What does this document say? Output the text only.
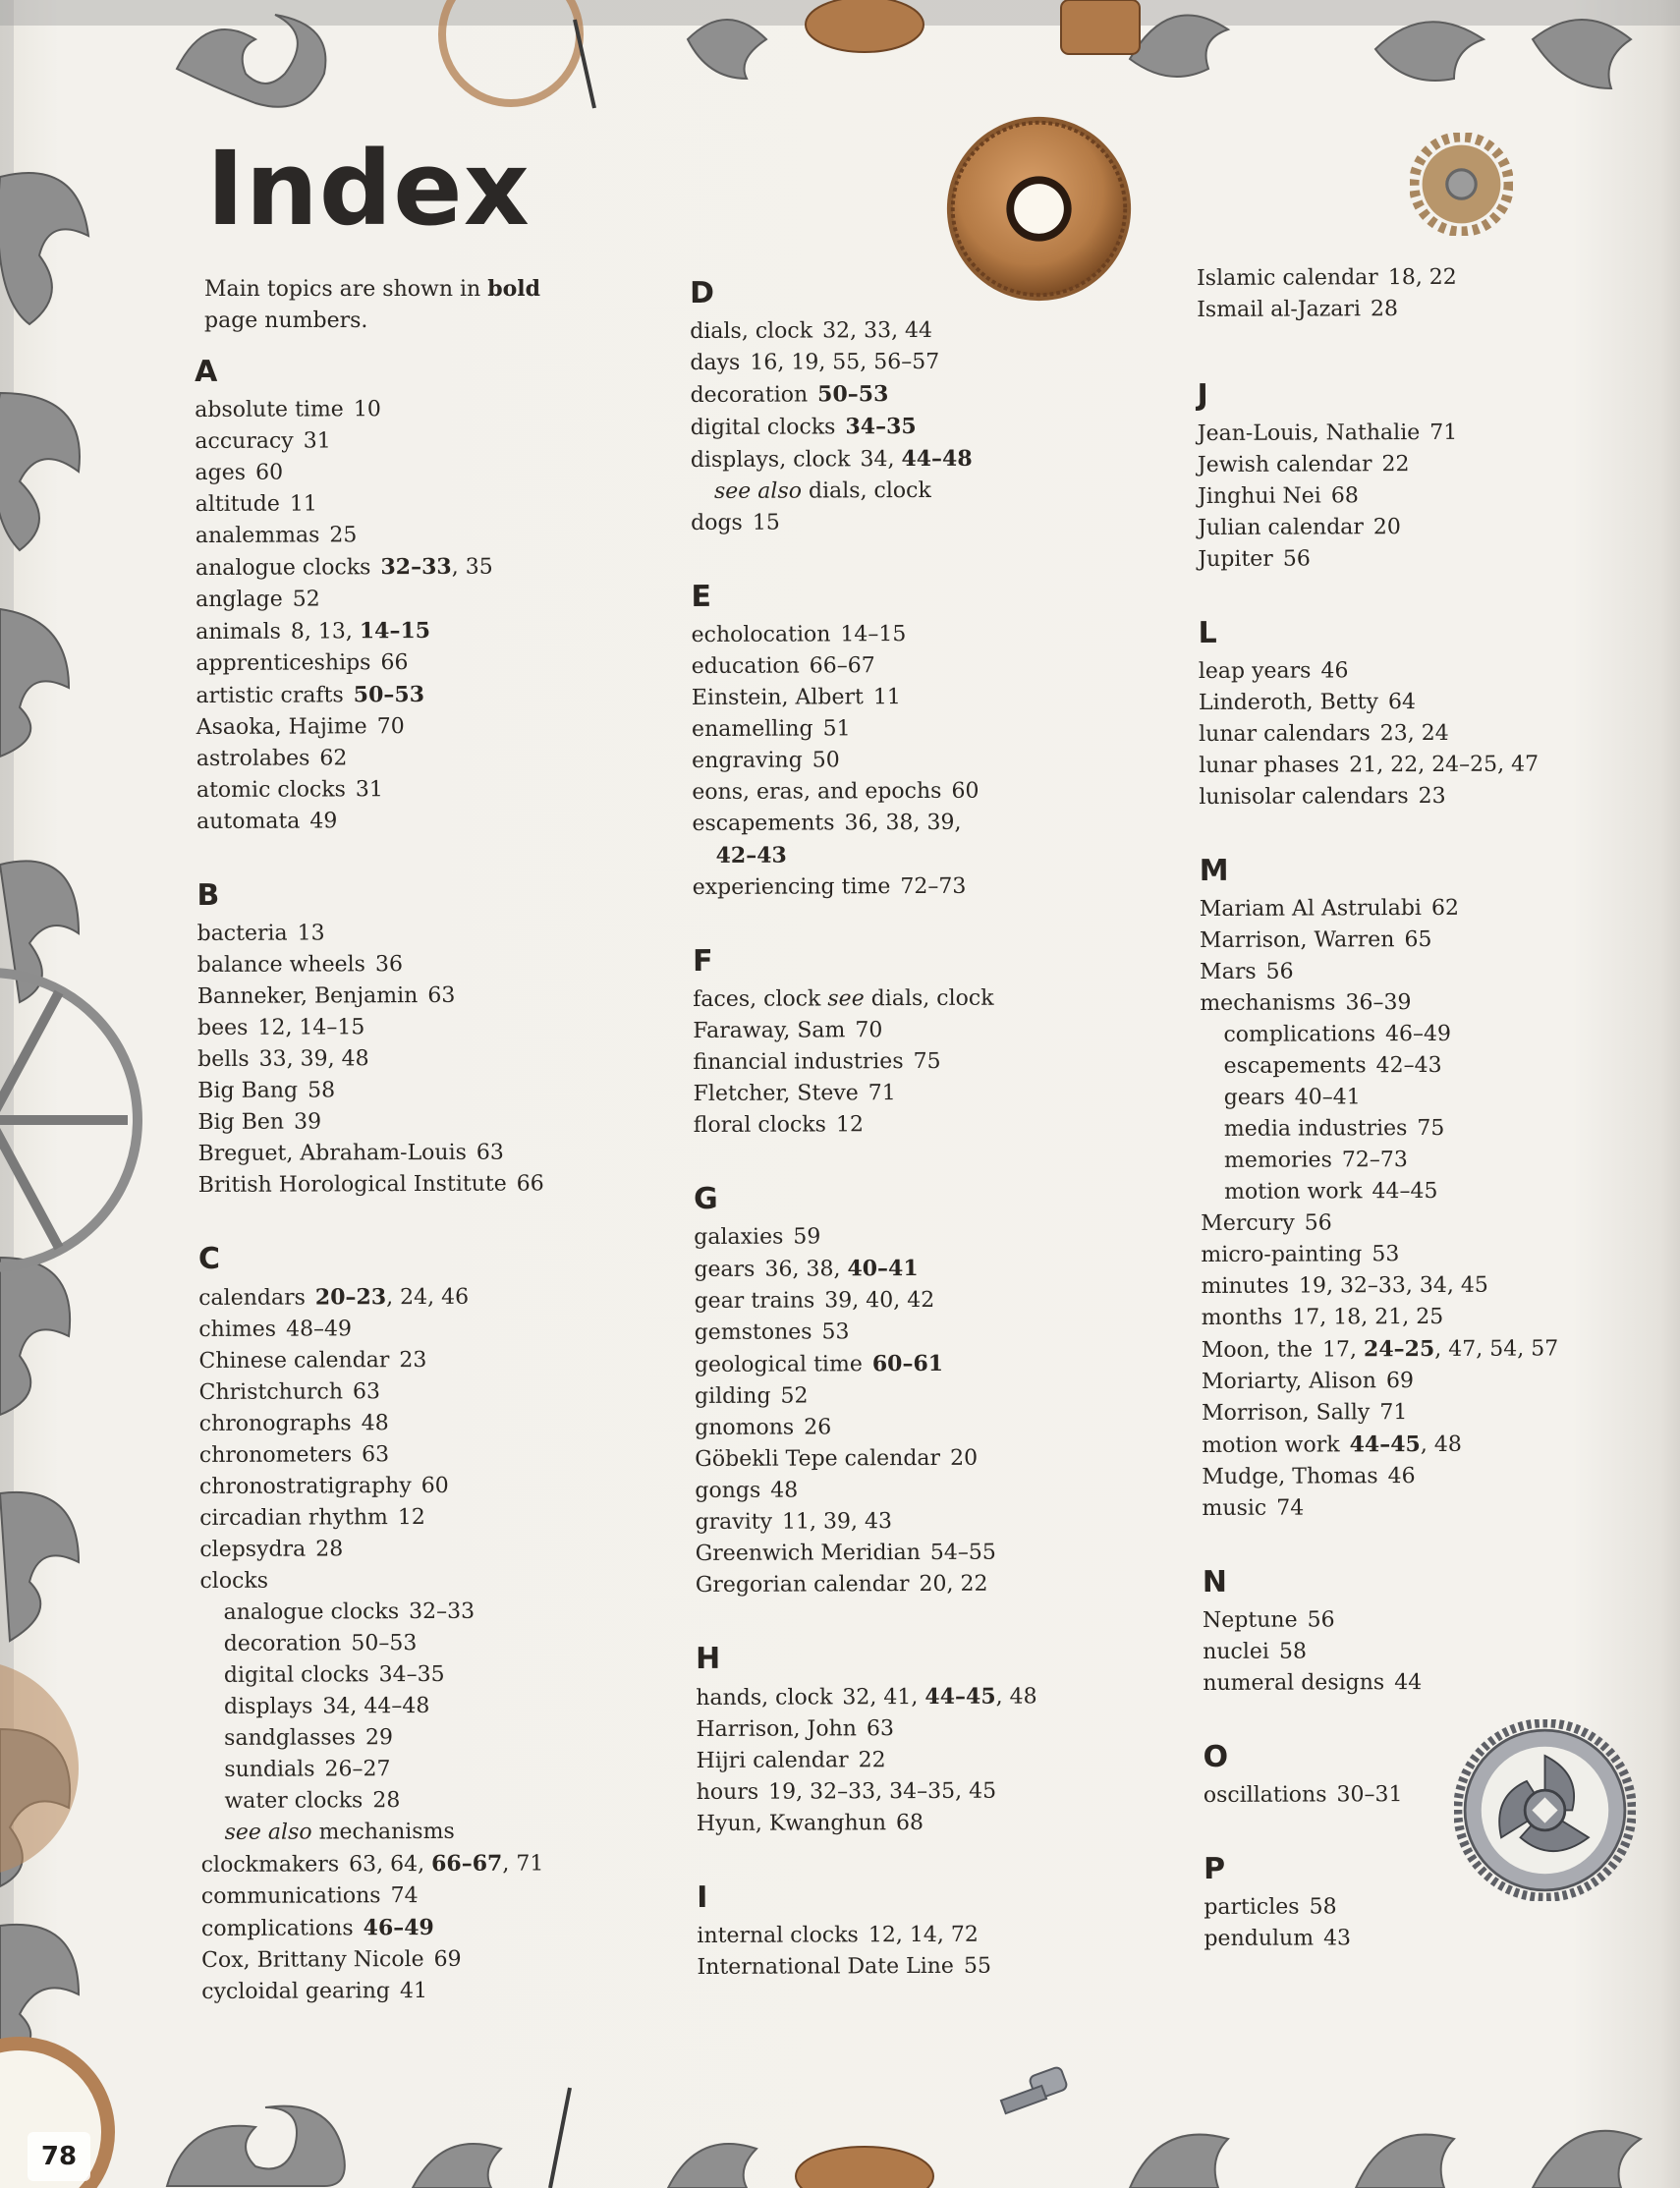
Index
Main topics are shown in bold page numbers.
A
absolute time 10
accuracy 31
ages 60
altitude 11
analemmas 25
analogue clocks 32–33, 35
anglage 52
animals 8, 13, 14–15
apprenticeships 66
artistic crafts 50–53
Asaoka, Hajime 70
astrolabes 62
atomic clocks 31
automata 49
B
bacteria 13
balance wheels 36
Banneker, Benjamin 63
bees 12, 14–15
bells 33, 39, 48
Big Bang 58
Big Ben 39
Breguet, Abraham-Louis 63
British Horological Institute 66
C
calendars 20–23, 24, 46
chimes 48–49
Chinese calendar 23
Christchurch 63
chronographs 48
chronometers 63
chronostratigraphy 60
circadian rhythm 12
clepsydra 28
clocks
analogue clocks 32–33
decoration 50–53
digital clocks 34–35
displays 34, 44–48
sandglasses 29
sundials 26–27
water clocks 28
see also mechanisms
clockmakers 63, 64, 66–67, 71
communications 74
complications 46–49
Cox, Brittany Nicole 69
cycloidal gearing 41
D
dials, clock 32, 33, 44
days 16, 19, 55, 56–57
decoration 50–53
digital clocks 34–35
displays, clock 34, 44–48
see also dials, clock
dogs 15
E
echolocation 14–15
education 66–67
Einstein, Albert 11
enamelling 51
engraving 50
eons, eras, and epochs 60
escapements 36, 38, 39,
42–43
experiencing time 72–73
F
faces, clock see dials, clock
Faraway, Sam 70
financial industries 75
Fletcher, Steve 71
floral clocks 12
G
galaxies 59
gears 36, 38, 40–41
gear trains 39, 40, 42
gemstones 53
geological time 60–61
gilding 52
gnomons 26
Göbekli Tepe calendar 20
gongs 48
gravity 11, 39, 43
Greenwich Meridian 54–55
Gregorian calendar 20, 22
H
hands, clock 32, 41, 44–45, 48
Harrison, John 63
Hijri calendar 22
hours 19, 32–33, 34–35, 45
Hyun, Kwanghun 68
I
internal clocks 12, 14, 72
International Date Line 55
Islamic calendar 18, 22
Ismail al-Jazari 28
J
Jean-Louis, Nathalie 71
Jewish calendar 22
Jinghui Nei 68
Julian calendar 20
Jupiter 56
L
leap years 46
Linderoth, Betty 64
lunar calendars 23, 24
lunar phases 21, 22, 24–25, 47
lunisolar calendars 23
M
Mariam Al Astrulabi 62
Marrison, Warren 65
Mars 56
mechanisms 36–39
complications 46–49
escapements 42–43
gears 40–41
media industries 75
memories 72–73
motion work 44–45
Mercury 56
micro-painting 53
minutes 19, 32–33, 34, 45
months 17, 18, 21, 25
Moon, the 17, 24–25, 47, 54, 57
Moriarty, Alison 69
Morrison, Sally 71
motion work 44–45, 48
Mudge, Thomas 46
music 74
N
Neptune 56
nuclei 58
numeral designs 44
O
oscillations 30–31
P
particles 58
pendulum 43
78
